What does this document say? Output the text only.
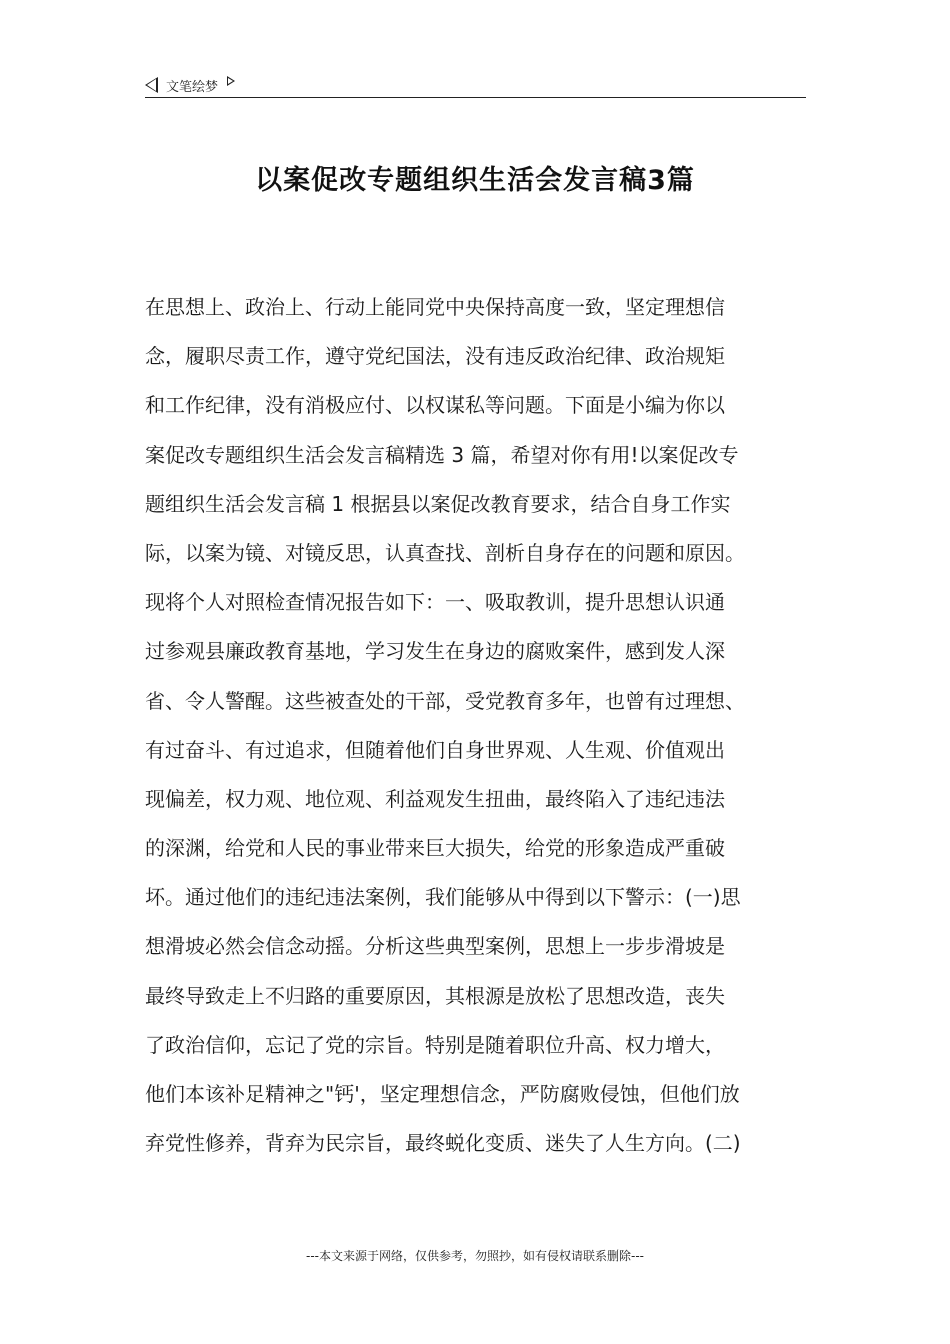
文笔绘梦
以案促改专题组织生活会发言稿3篇
在思想上、政治上、行动上能同党中央保持高度一致，坚定理想信
念，履职尽责工作，遵守党纪国法，没有违反政治纪律、政治规矩
和工作纪律，没有消极应付、以权谋私等问题。下面是小编为你以
案促改专题组织生活会发言稿精选 3 篇，希望对你有用!以案促改专
题组织生活会发言稿 1 根据县以案促改教育要求，结合自身工作实
际，以案为镜、对镜反思，认真查找、剖析自身存在的问题和原因。
现将个人对照检查情况报告如下：一、吸取教训，提升思想认识通
过参观县廉政教育基地，学习发生在身边的腐败案件，感到发人深
省、令人警醒。这些被查处的干部，受党教育多年，也曾有过理想、
有过奋斗、有过追求，但随着他们自身世界观、人生观、价值观出
现偏差，权力观、地位观、利益观发生扭曲，最终陷入了违纪违法
的深渊，给党和人民的事业带来巨大损失，给党的形象造成严重破
坏。通过他们的违纪违法案例，我们能够从中得到以下警示：(一)思
想滑坡必然会信念动摇。分析这些典型案例，思想上一步步滑坡是
最终导致走上不归路的重要原因，其根源是放松了思想改造，丧失
了政治信仰，忘记了党的宗旨。特别是随着职位升高、权力增大，
他们本该补足精神之"钙'，坚定理想信念，严防腐败侵蚀，但他们放
弃党性修养，背弃为民宗旨，最终蜕化变质、迷失了人生方向。(二)
---本文来源于网络，仅供参考，勿照抄，如有侵权请联系删除---
